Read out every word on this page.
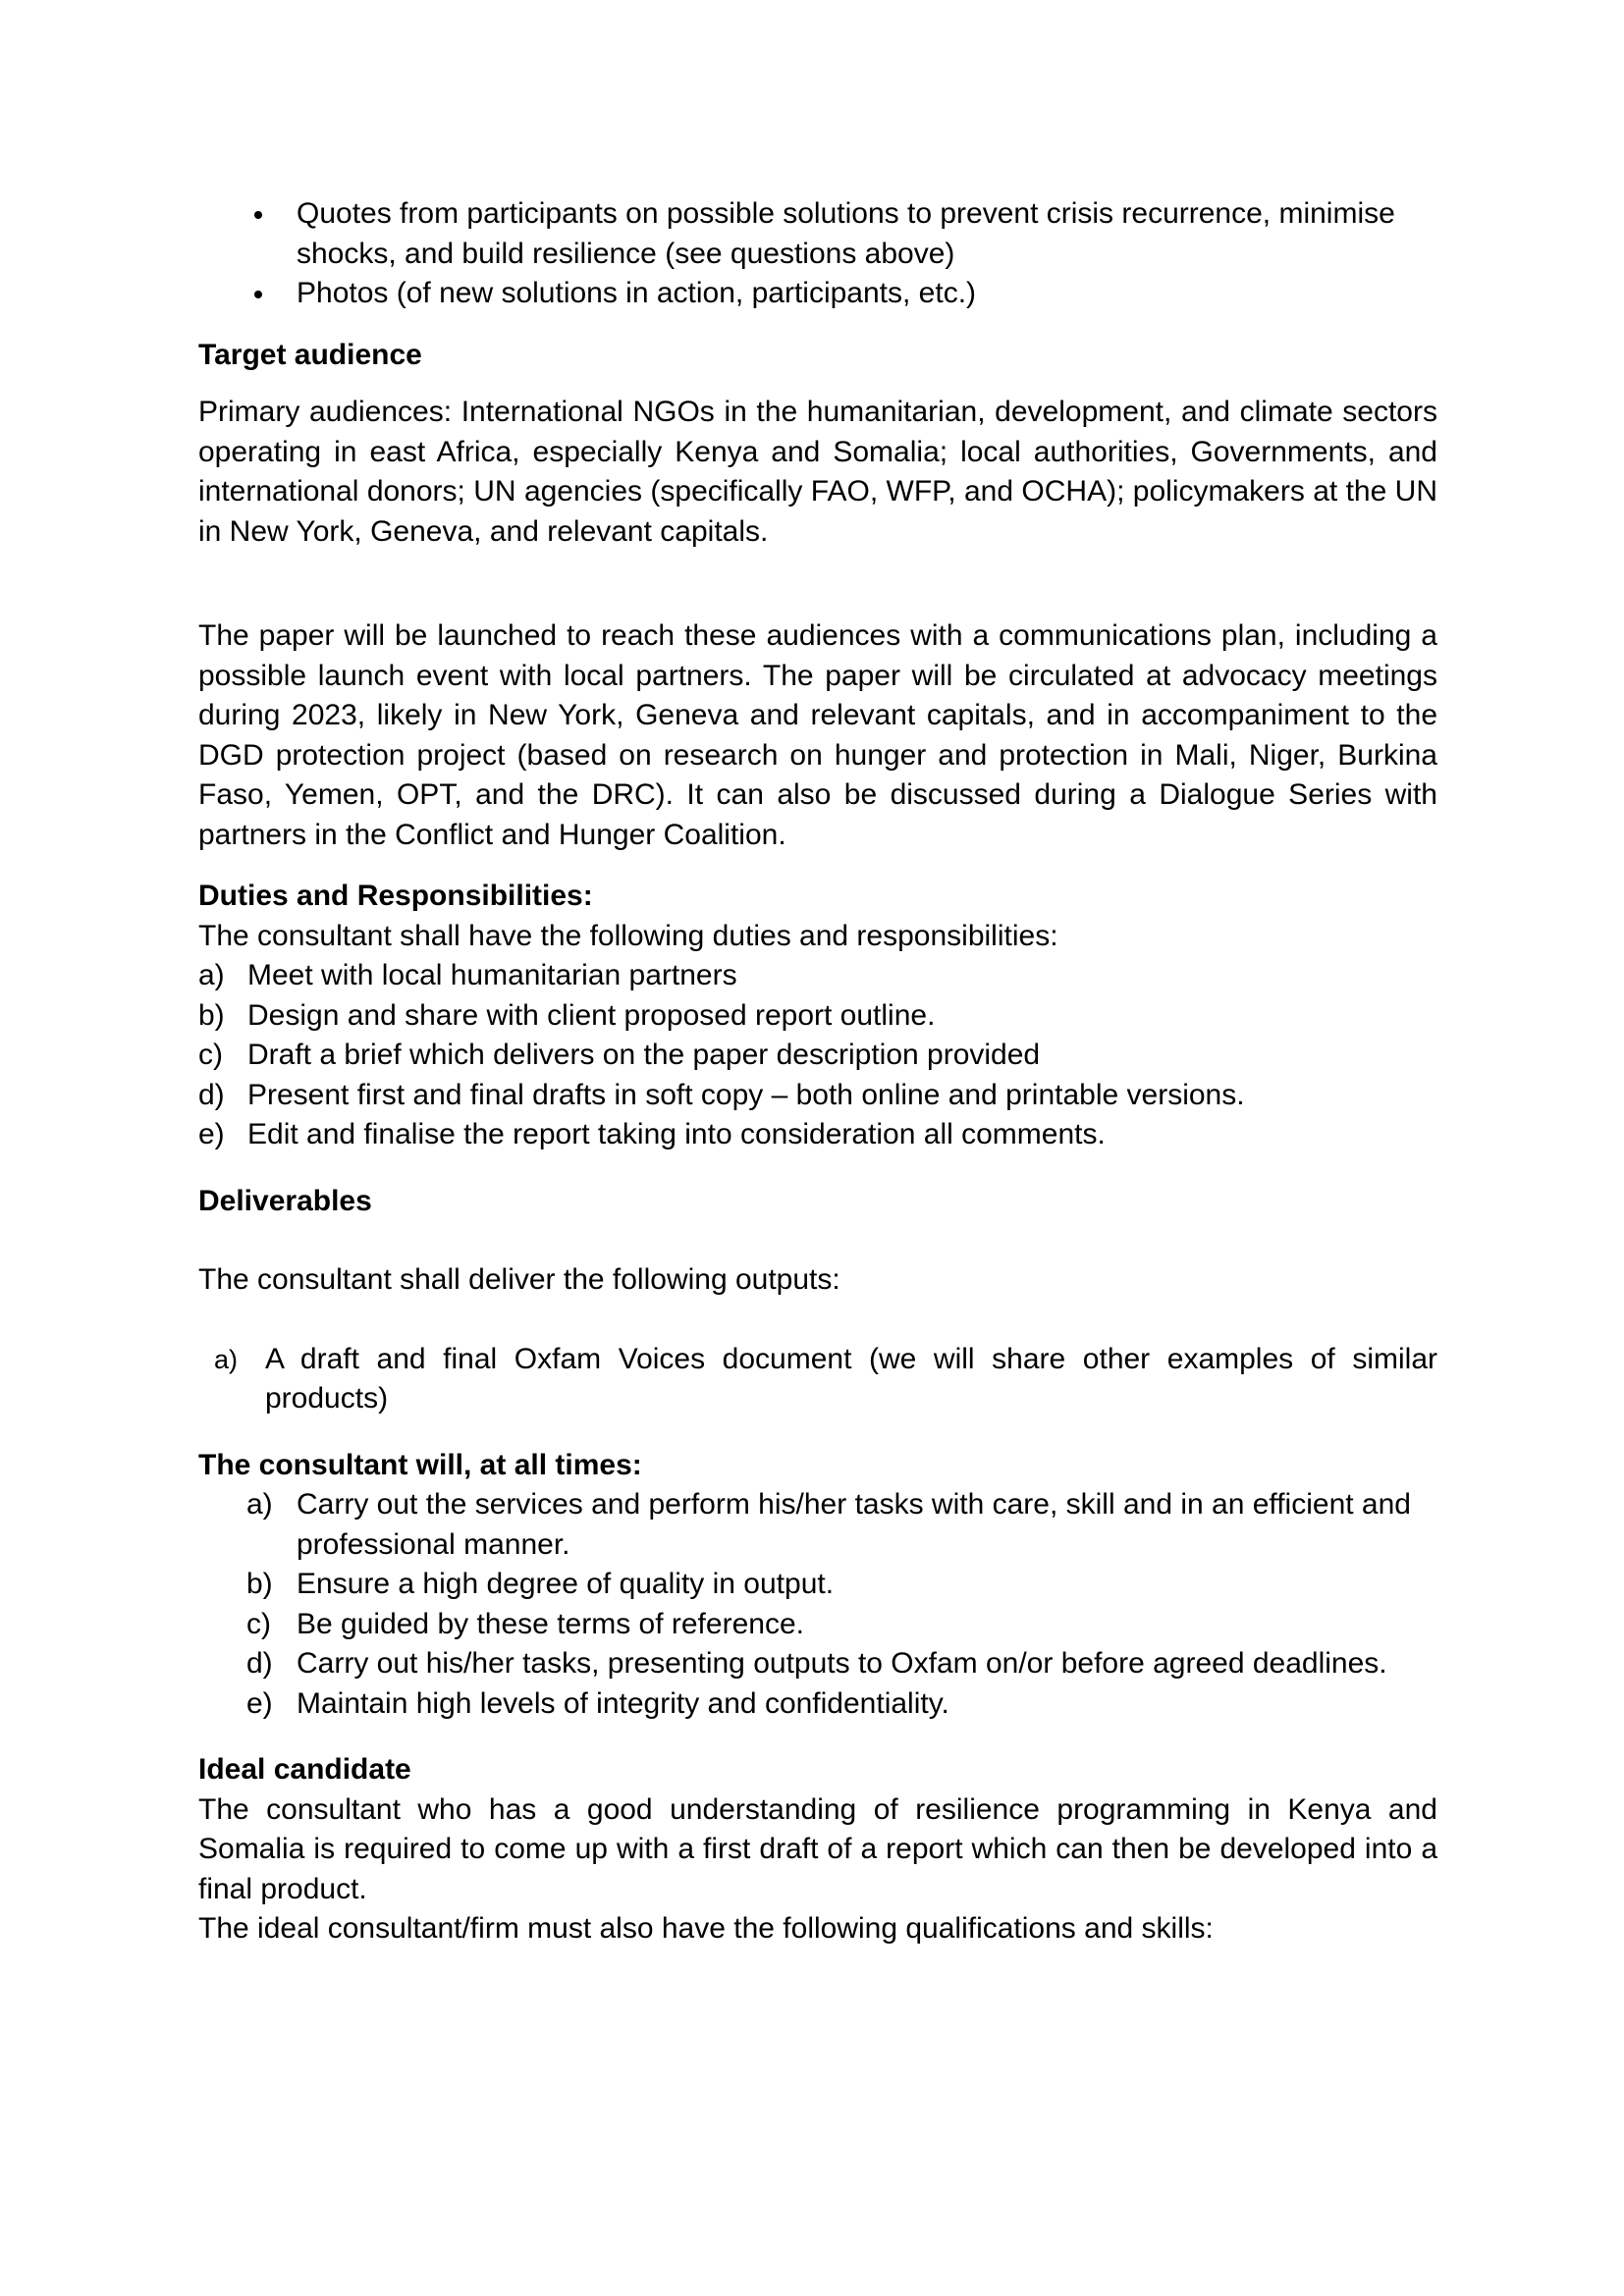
Quotes from participants on possible solutions to prevent crisis recurrence, minimise shocks, and build resilience (see questions above)
Photos (of new solutions in action, participants, etc.)

Target audience

Primary audiences: International NGOs in the humanitarian, development, and climate sectors operating in east Africa, especially Kenya and Somalia; local authorities, Governments, and international donors; UN agencies (specifically FAO, WFP, and OCHA); policymakers at the UN in New York, Geneva, and relevant capitals.

The paper will be launched to reach these audiences with a communications plan, including a possible launch event with local partners. The paper will be circulated at advocacy meetings during 2023, likely in New York, Geneva and relevant capitals, and in accompaniment to the DGD protection project (based on research on hunger and protection in Mali, Niger, Burkina Faso, Yemen, OPT, and the DRC). It can also be discussed during a Dialogue Series with partners in the Conflict and Hunger Coalition.

Duties and Responsibilities:

The consultant shall have the following duties and responsibilities:

a) Meet with local humanitarian partners
b) Design and share with client proposed report outline.
c) Draft a brief which delivers on the paper description provided
d) Present first and final drafts in soft copy – both online and printable versions.
e) Edit and finalise the report taking into consideration all comments.

Deliverables

The consultant shall deliver the following outputs:

a) A draft and final Oxfam Voices document (we will share other examples of similar products)

The consultant will, at all times:

a) Carry out the services and perform his/her tasks with care, skill and in an efficient and professional manner.
b) Ensure a high degree of quality in output.
c) Be guided by these terms of reference.
d) Carry out his/her tasks, presenting outputs to Oxfam on/or before agreed deadlines.
e) Maintain high levels of integrity and confidentiality.

Ideal candidate

The consultant who has a good understanding of resilience programming in Kenya and Somalia is required to come up with a first draft of a report which can then be developed into a final product.

The ideal consultant/firm must also have the following qualifications and skills:
